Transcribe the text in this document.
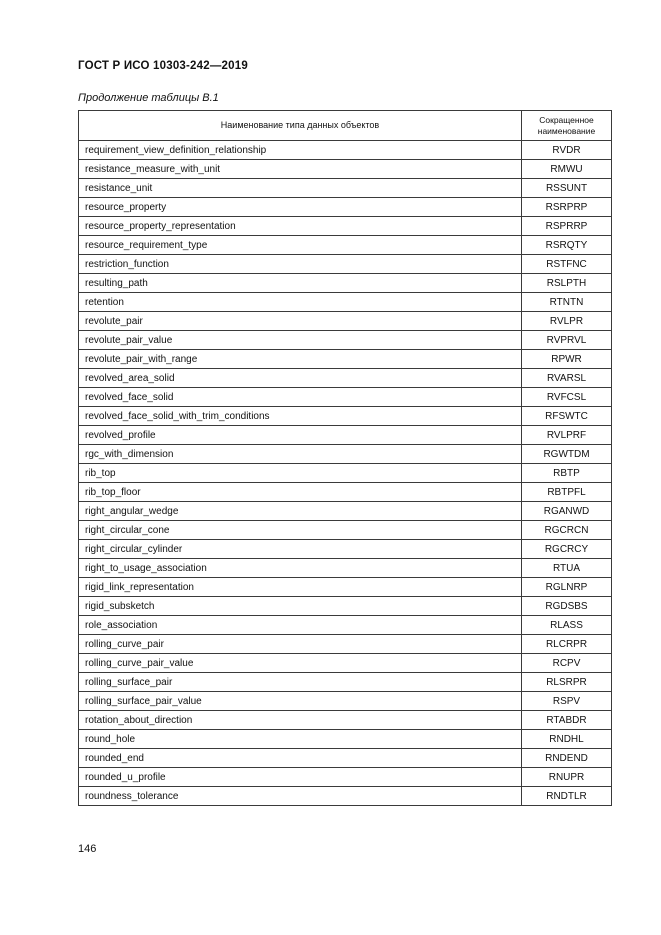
ГОСТ Р ИСО 10303-242—2019
Продолжение таблицы В.1
Наименование типа данных объектов	Сокращенное наименование
requirement_view_definition_relationship	RVDR
resistance_measure_with_unit	RMWU
resistance_unit	RSSUNT
resource_property	RSRPRP
resource_property_representation	RSPRRP
resource_requirement_type	RSRQTY
restriction_function	RSTFNC
resulting_path	RSLPTH
retention	RTNTN
revolute_pair	RVLPR
revolute_pair_value	RVPRVL
revolute_pair_with_range	RPWR
revolved_area_solid	RVARSL
revolved_face_solid	RVFCSL
revolved_face_solid_with_trim_conditions	RFSWTC
revolved_profile	RVLPRF
rgc_with_dimension	RGWTDM
rib_top	RBTP
rib_top_floor	RBTPFL
right_angular_wedge	RGANWD
right_circular_cone	RGCRCN
right_circular_cylinder	RGCRCY
right_to_usage_association	RTUA
rigid_link_representation	RGLNRP
rigid_subsketch	RGDSBS
role_association	RLASS
rolling_curve_pair	RLCRPR
rolling_curve_pair_value	RCPV
rolling_surface_pair	RLSRPR
rolling_surface_pair_value	RSPV
rotation_about_direction	RTABDR
round_hole	RNDHL
rounded_end	RNDEND
rounded_u_profile	RNUPR
roundness_tolerance	RNDTLR
146
